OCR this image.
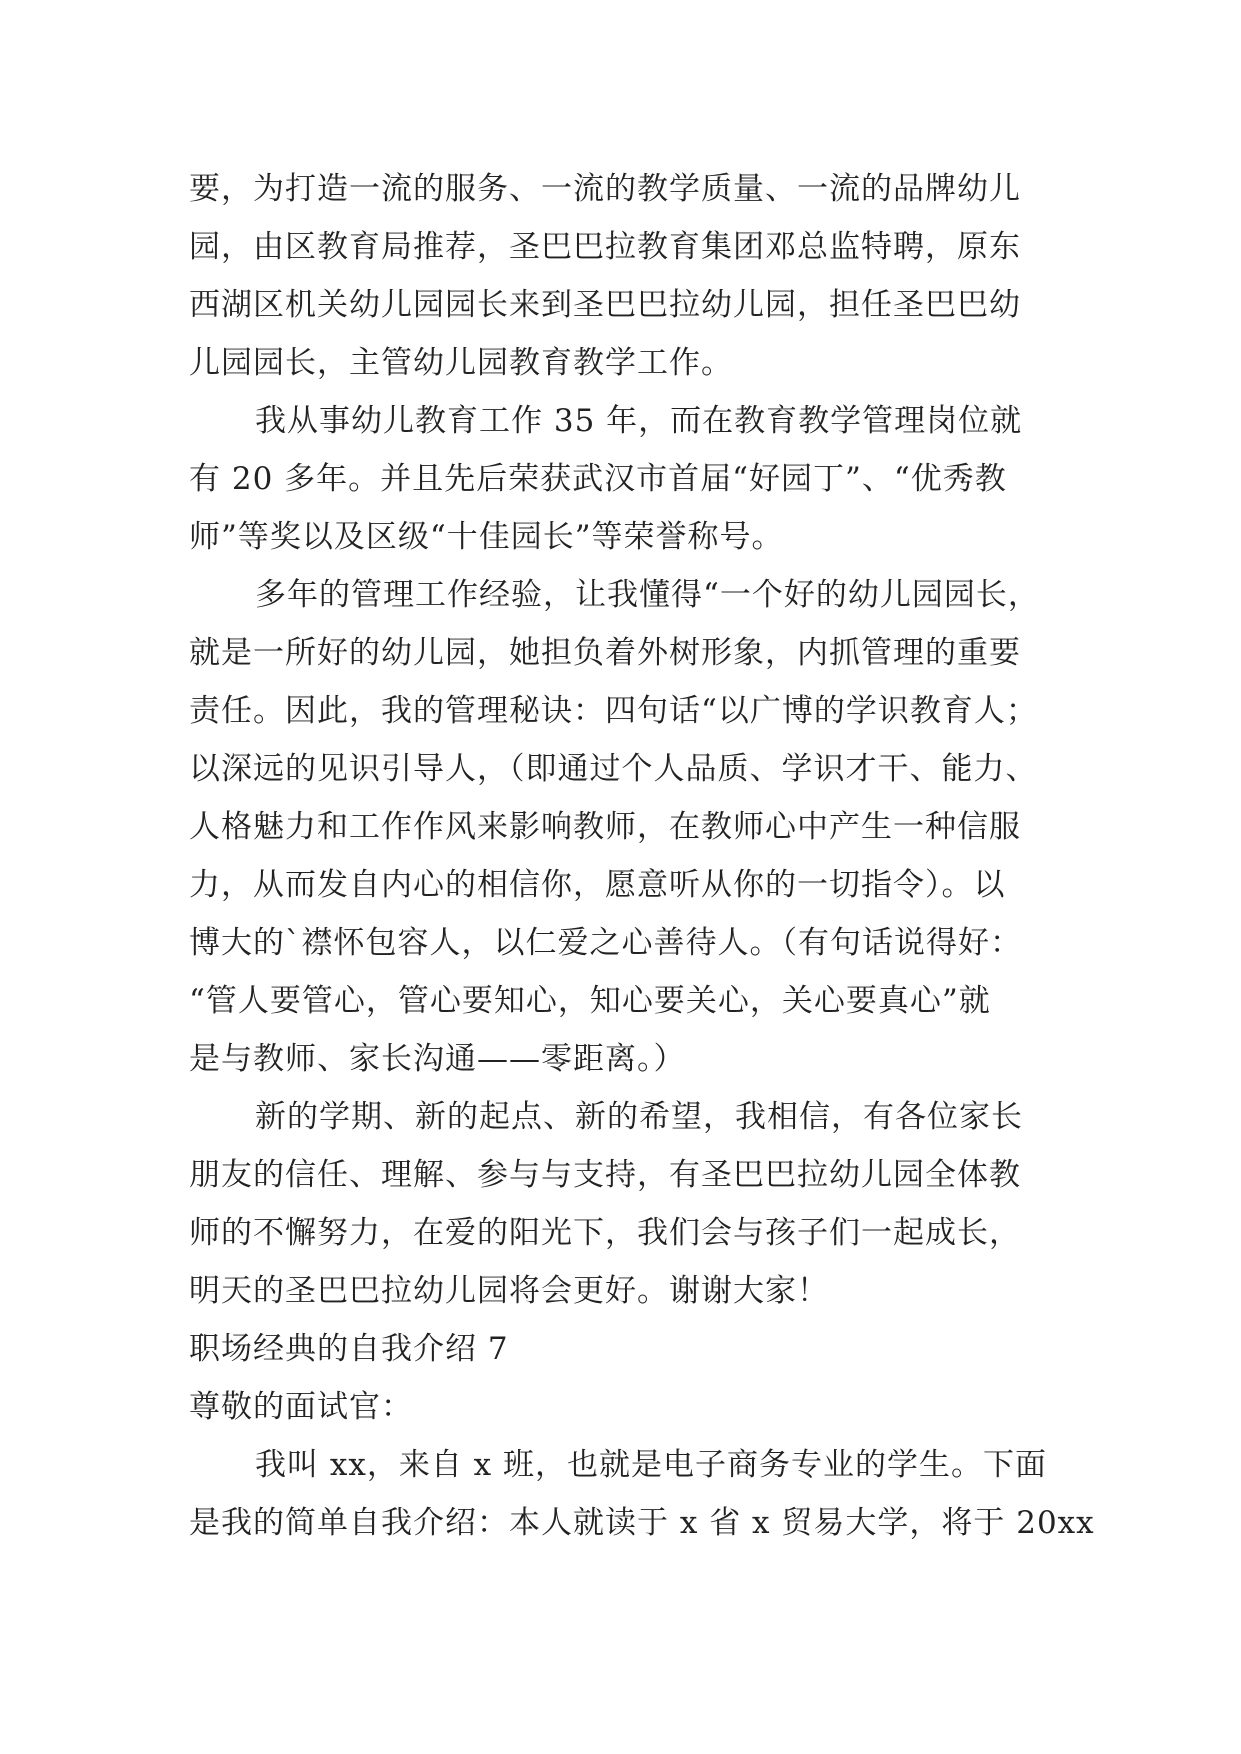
要，为打造一流的服务、一流的教学质量、一流的品牌幼儿
园，由区教育局推荐，圣巴巴拉教育集团邓总监特聘，原东
西湖区机关幼儿园园长来到圣巴巴拉幼儿园，担任圣巴巴幼
儿园园长，主管幼儿园教育教学工作。
我从事幼儿教育工作 35 年，而在教育教学管理岗位就
有 20 多年。并且先后荣获武汉市首届“好园丁”、“优秀教
师”等奖以及区级“十佳园长”等荣誉称号。
多年的管理工作经验，让我懂得“一个好的幼儿园园长，
就是一所好的幼儿园，她担负着外树形象，内抓管理的重要
责任。因此，我的管理秘诀：四句话“以广博的学识教育人；
以深远的见识引导人，（即通过个人品质、学识才干、能力、
人格魅力和工作作风来影响教师，在教师心中产生一种信服
力，从而发自内心的相信你，愿意听从你的一切指令）。以
博大的`襟怀包容人，以仁爱之心善待人。（有句话说得好：
“管人要管心，管心要知心，知心要关心，关心要真心”就
是与教师、家长沟通——零距离。）
新的学期、新的起点、新的希望，我相信，有各位家长
朋友的信任、理解、参与与支持，有圣巴巴拉幼儿园全体教
师的不懈努力，在爱的阳光下，我们会与孩子们一起成长，
明天的圣巴巴拉幼儿园将会更好。谢谢大家！
职场经典的自我介绍 7
尊敬的面试官：
我叫 xx，来自 x 班，也就是电子商务专业的学生。下面
是我的简单自我介绍：本人就读于 x 省 x 贸易大学，将于 20xx
